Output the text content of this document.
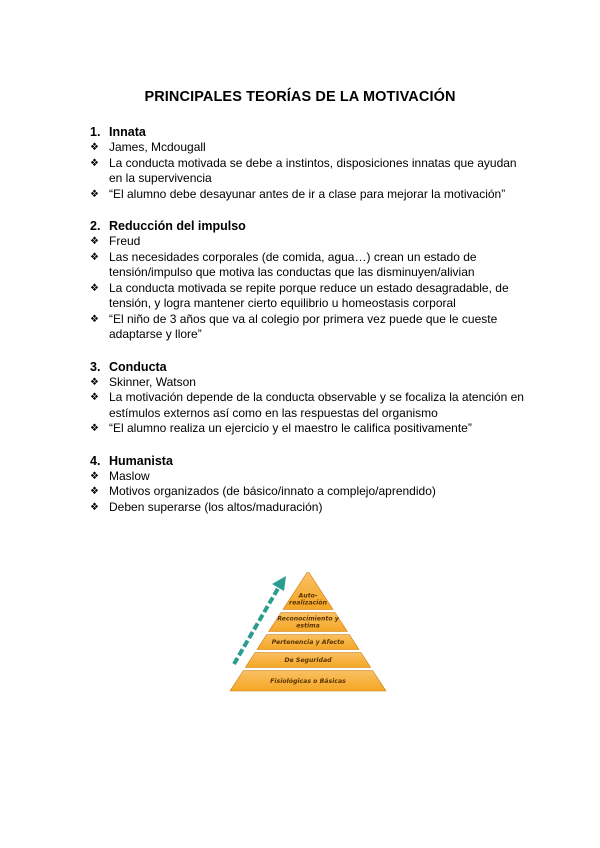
PRINCIPALES TEORÍAS DE LA MOTIVACIÓN
1. Innata
❖ James, Mcdougall
❖ La conducta motivada se debe a instintos, disposiciones innatas que ayudan en la supervivencia
❖ “El alumno debe desayunar antes de ir a clase para mejorar la motivación”
2. Reducción del impulso
❖ Freud
❖ Las necesidades corporales (de comida, agua…) crean un estado de tensión/impulso que motiva las conductas que las disminuyen/alivian
❖ La conducta motivada se repite porque reduce un estado desagradable, de tensión, y logra mantener cierto equilibrio u homeostasis corporal
❖ “El niño de 3 años que va al colegio por primera vez puede que le cueste adaptarse y llore”
3. Conducta
❖ Skinner, Watson
❖ La motivación depende de la conducta observable y se focaliza la atención en estímulos externos así como en las respuestas del organismo
❖ “El alumno realiza un ejercicio y el maestro le califica positivamente”
4. Humanista
❖ Maslow
❖ Motivos organizados (de básico/innato a complejo/aprendido)
❖ Deben superarse (los altos/maduración)
Fisiológicas o Básicas
De Seguridad
Pertenencia y Afecto
Reconocimiento y estima
Auto-realización
